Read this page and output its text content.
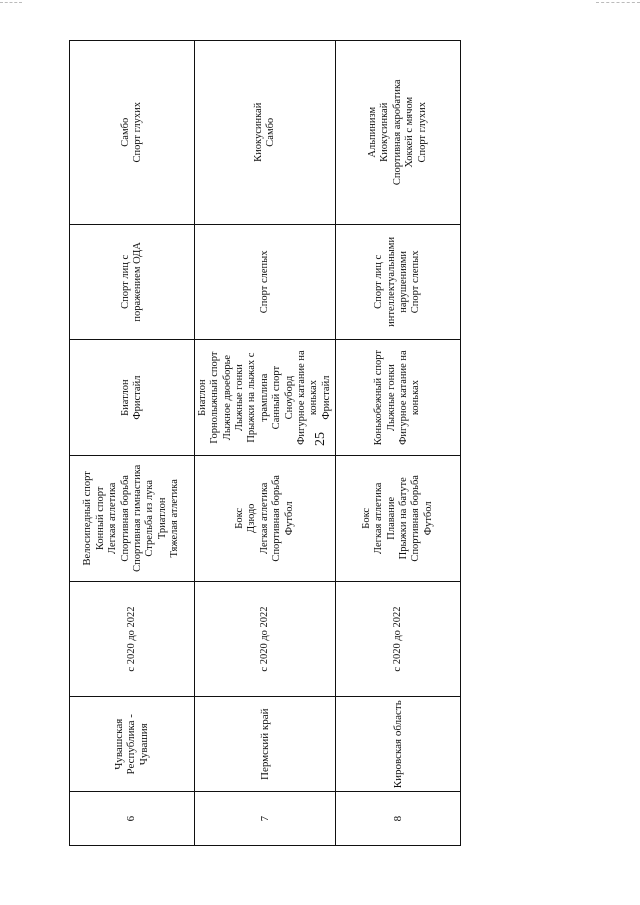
25
6
Чувашская Республика - Чувашия
с 2020 до 2022
Велосипедный спорт Конный спорт Легкая атлетика Спортивная борьба Спортивная гимнастика Стрельба из лука Триатлон Тяжелая атлетика
Биатлон Фристайл
Спорт лиц с поражением ОДА
Самбо Спорт глухих
7
Пермский край
с 2020 до 2022
Бокс Дзюдо Легкая атлетика Спортивная борьба Футбол
Биатлон Горнолыжный спорт Лыжное двоеборье Лыжные гонки Прыжки на лыжах с трамплина Санный спорт Сноуборд Фигурное катание на коньках Фристайл
Спорт слепых
Киокусинкай Самбо
8
Кировская область
с 2020 до 2022
Бокс Легкая атлетика Плавание Прыжки на батуте Спортивная борьба Футбол
Конькобежный спорт Лыжные гонки Фигурное катание на коньках
Спорт лиц с интеллектуальными нарушениями Спорт слепых
Альпинизм Киокусинкай Спортивная акробатика Хоккей с мячом Спорт глухих
